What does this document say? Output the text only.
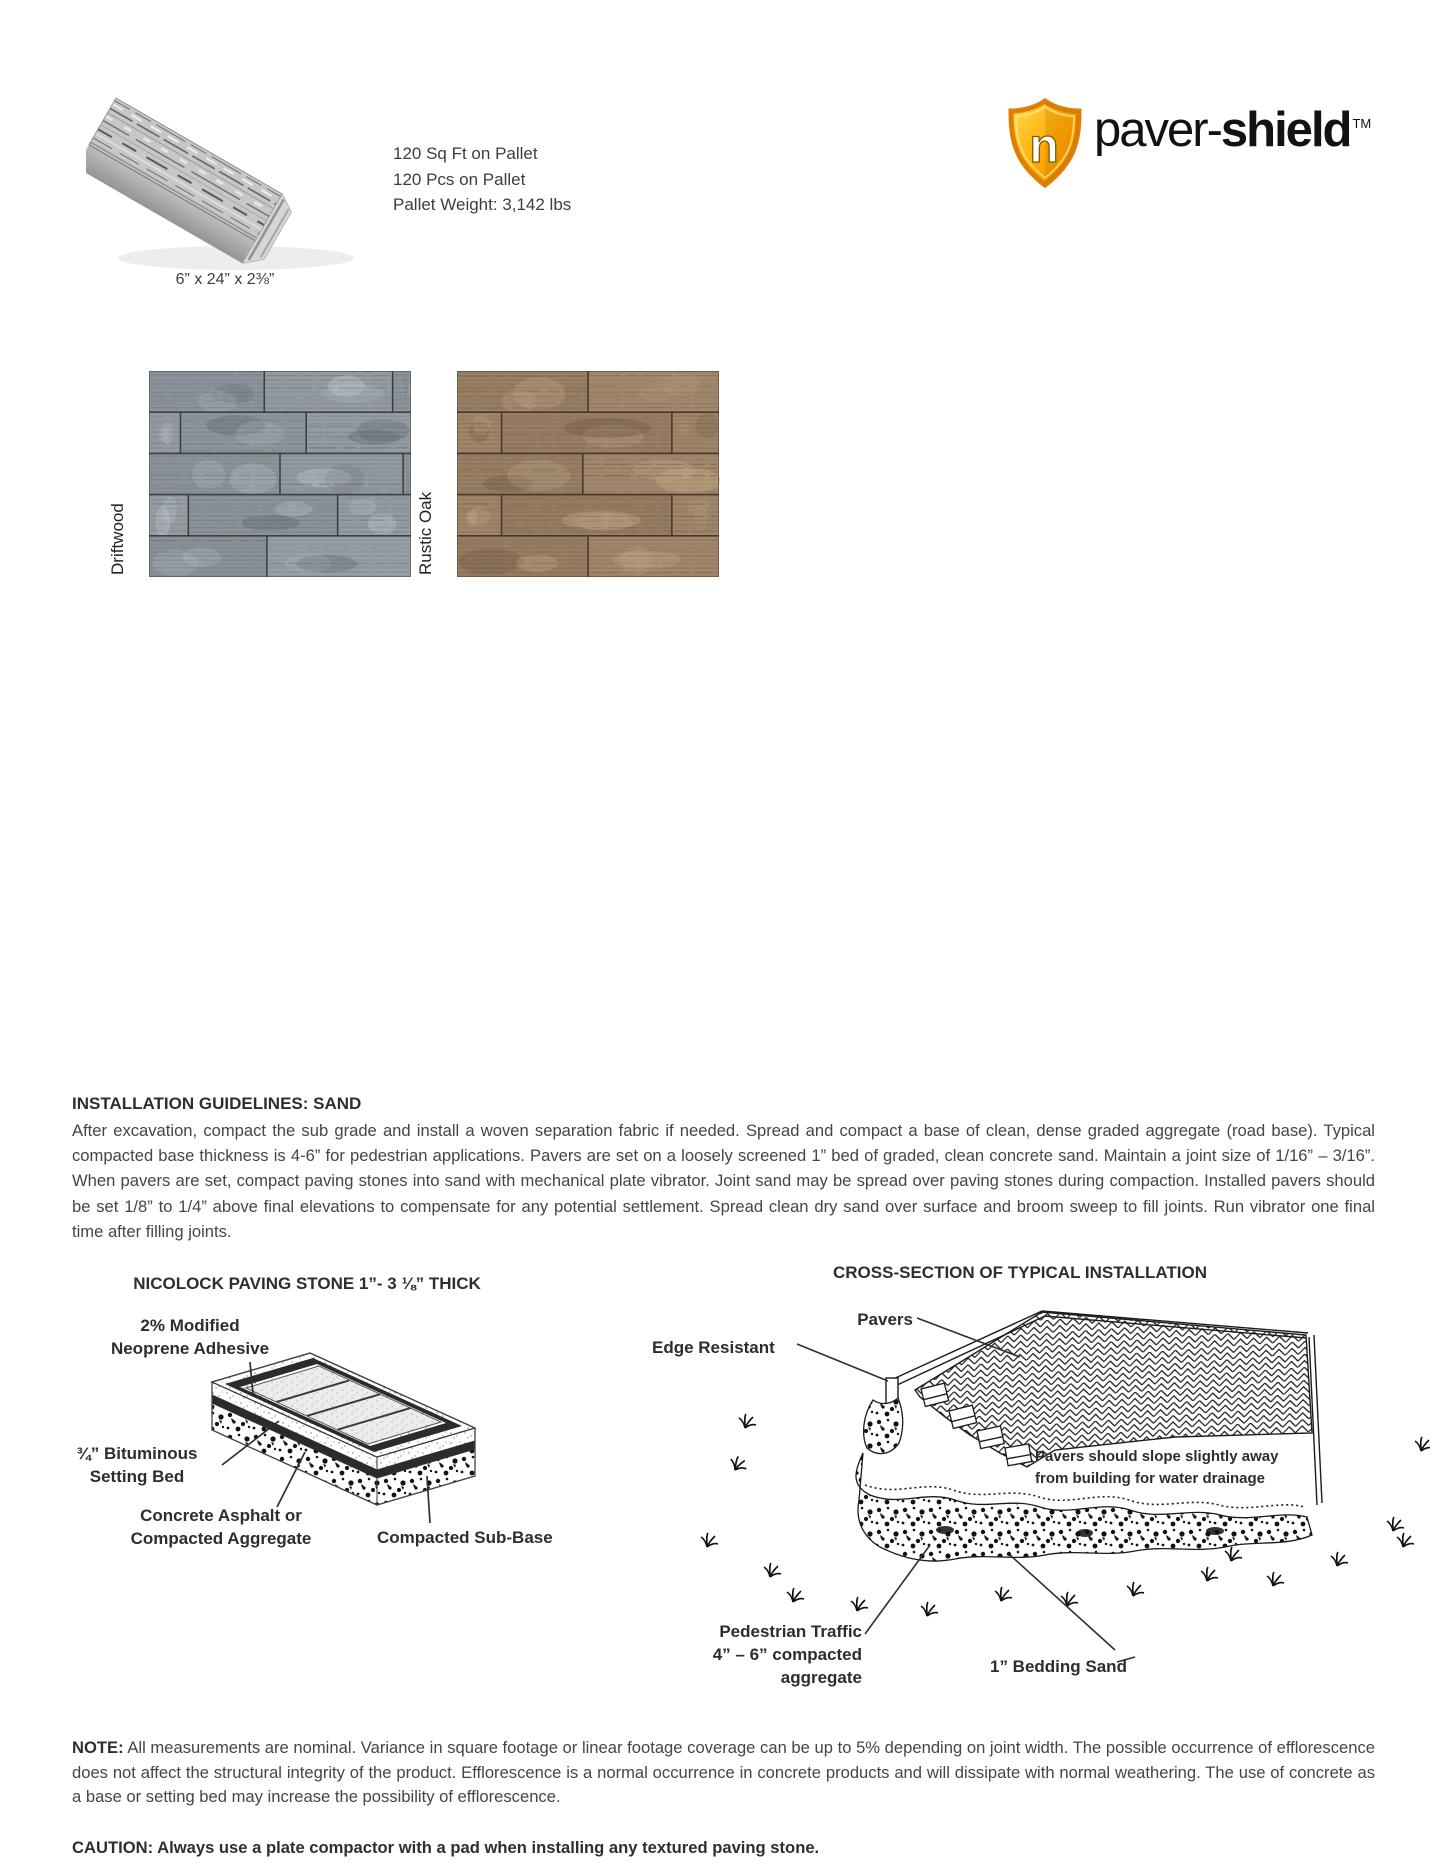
6” x 24” x 2⅜”
120 Sq Ft on Pallet
120 Pcs on Pallet
Pallet Weight: 3,142 lbs
n paver-shield ™
Driftwood	Rustic Oak
INSTALLATION GUIDELINES: SAND

After excavation, compact the sub grade and install a woven separation fabric if needed. Spread and compact a base of clean, dense graded aggregate (road base). Typical compacted base thickness is 4-6” for pedestrian applications. Pavers are set on a loosely screened 1” bed of graded, clean concrete sand. Maintain a joint size of 1/16” – 3/16”. When pavers are set, compact paving stones into sand with mechanical plate vibrator. Joint sand may be spread over paving stones during compaction. Installed pavers should be set 1/8” to 1/4” above final elevations to compensate for any potential settlement. Spread clean dry sand over surface and broom sweep to fill joints. Run vibrator one final time after filling joints.

NICOLOCK PAVING STONE 1”- 3 ⅛” THICK
CROSS-SECTION OF TYPICAL INSTALLATION
2% Modified
Neoprene Adhesive
¾” Bituminous
Setting Bed
Concrete Asphalt or
Compacted Aggregate	Compacted Sub-Base
Pavers
Edge Resistant
Pavers should slope slightly away
from building for water drainage
Pedestrian Traffic
4” – 6” compacted aggregate
1” Bedding Sand

NOTE: All measurements are nominal. Variance in square footage or linear footage coverage can be up to 5% depending on joint width. The possible occurrence of efflorescence does not affect the structural integrity of the product. Efflorescence is a normal occurrence in concrete products and will dissipate with normal weathering. The use of concrete as a base or setting bed may increase the possibility of efflorescence.

CAUTION: Always use a plate compactor with a pad when installing any textured paving stone.
